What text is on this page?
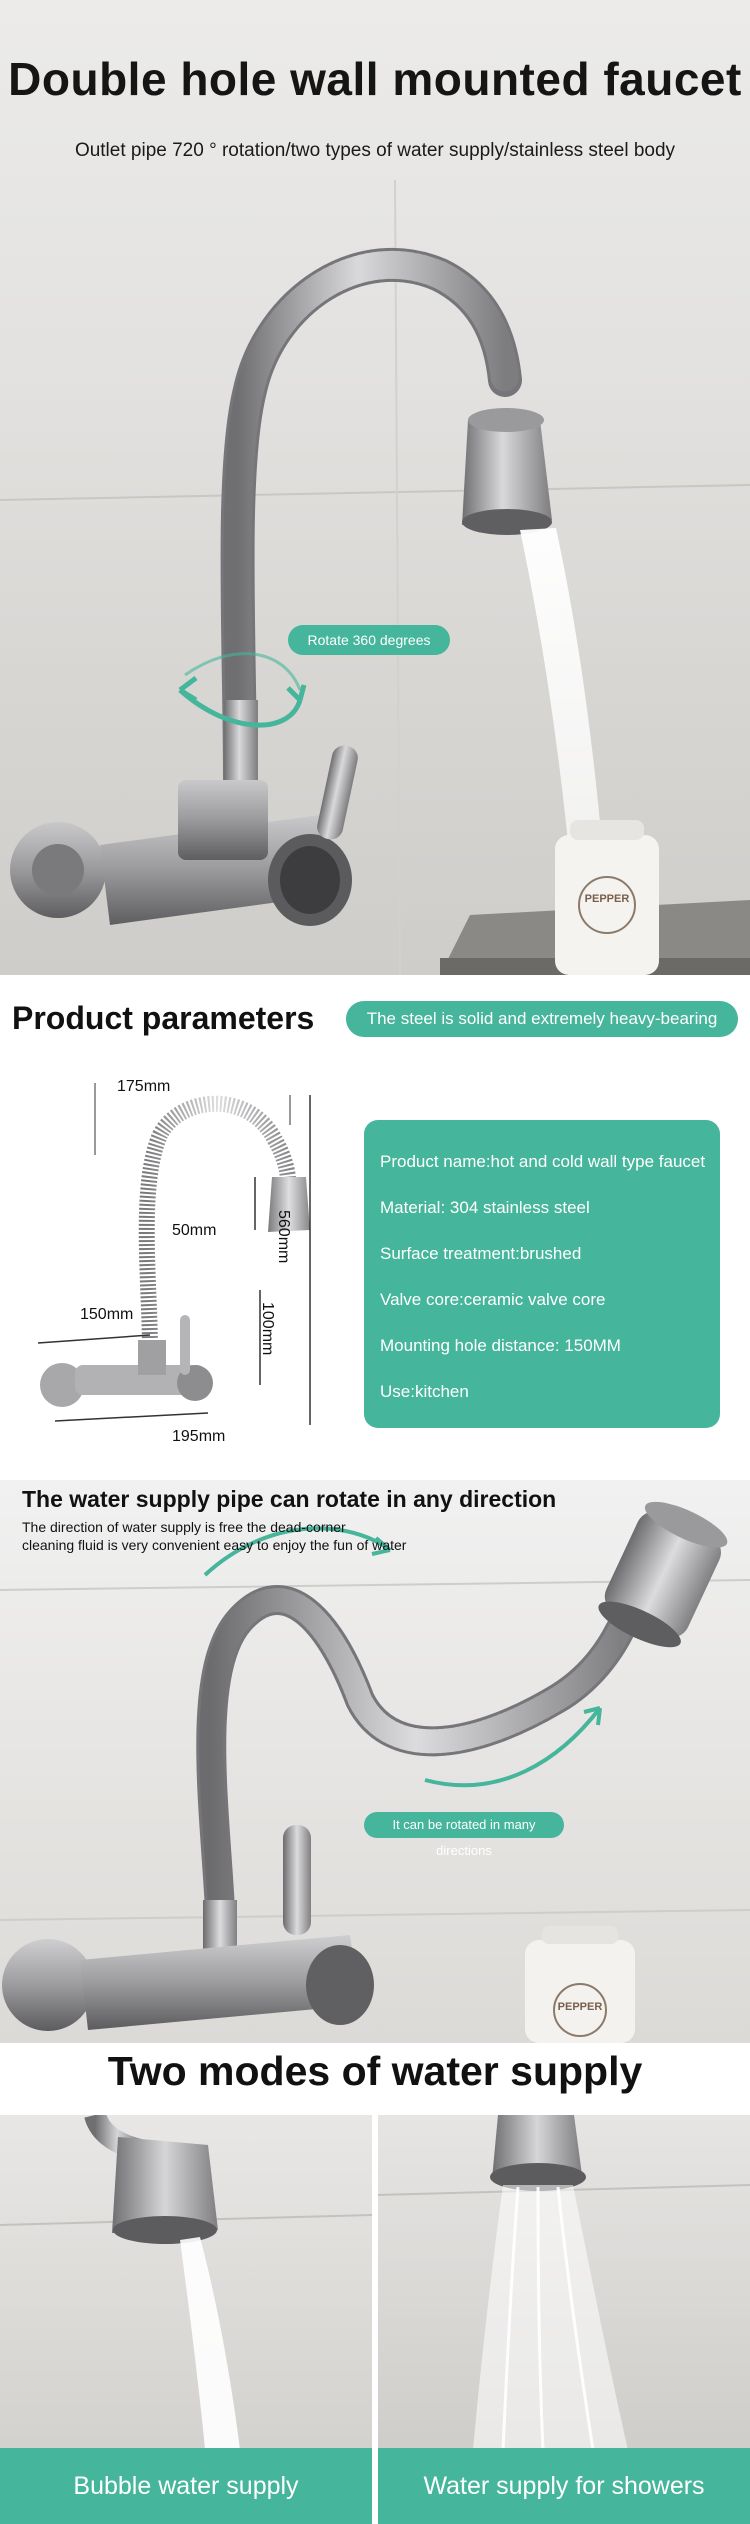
Double hole wall mounted faucet
Outlet pipe 720 ° rotation/two types of water supply/stainless steel body
Rotate 360 degrees
PEPPER
Product parameters	The steel is solid and extremely heavy-bearing
175mm
560mm
50mm
150mm	100mm
195mm
Product name:hot and cold wall type faucet
Material: 304 stainless steel
Surface treatment:brushed
Valve core:ceramic valve core
Mounting hole distance: 150MM
Use:kitchen
The water supply pipe can rotate in any direction
The direction of water supply is free the dead-corner
cleaning fluid is very convenient easy to enjoy the fun of water
It can be rotated in many directions
PEPPER
Two modes of water supply
Bubble water supply	Water supply for showers
